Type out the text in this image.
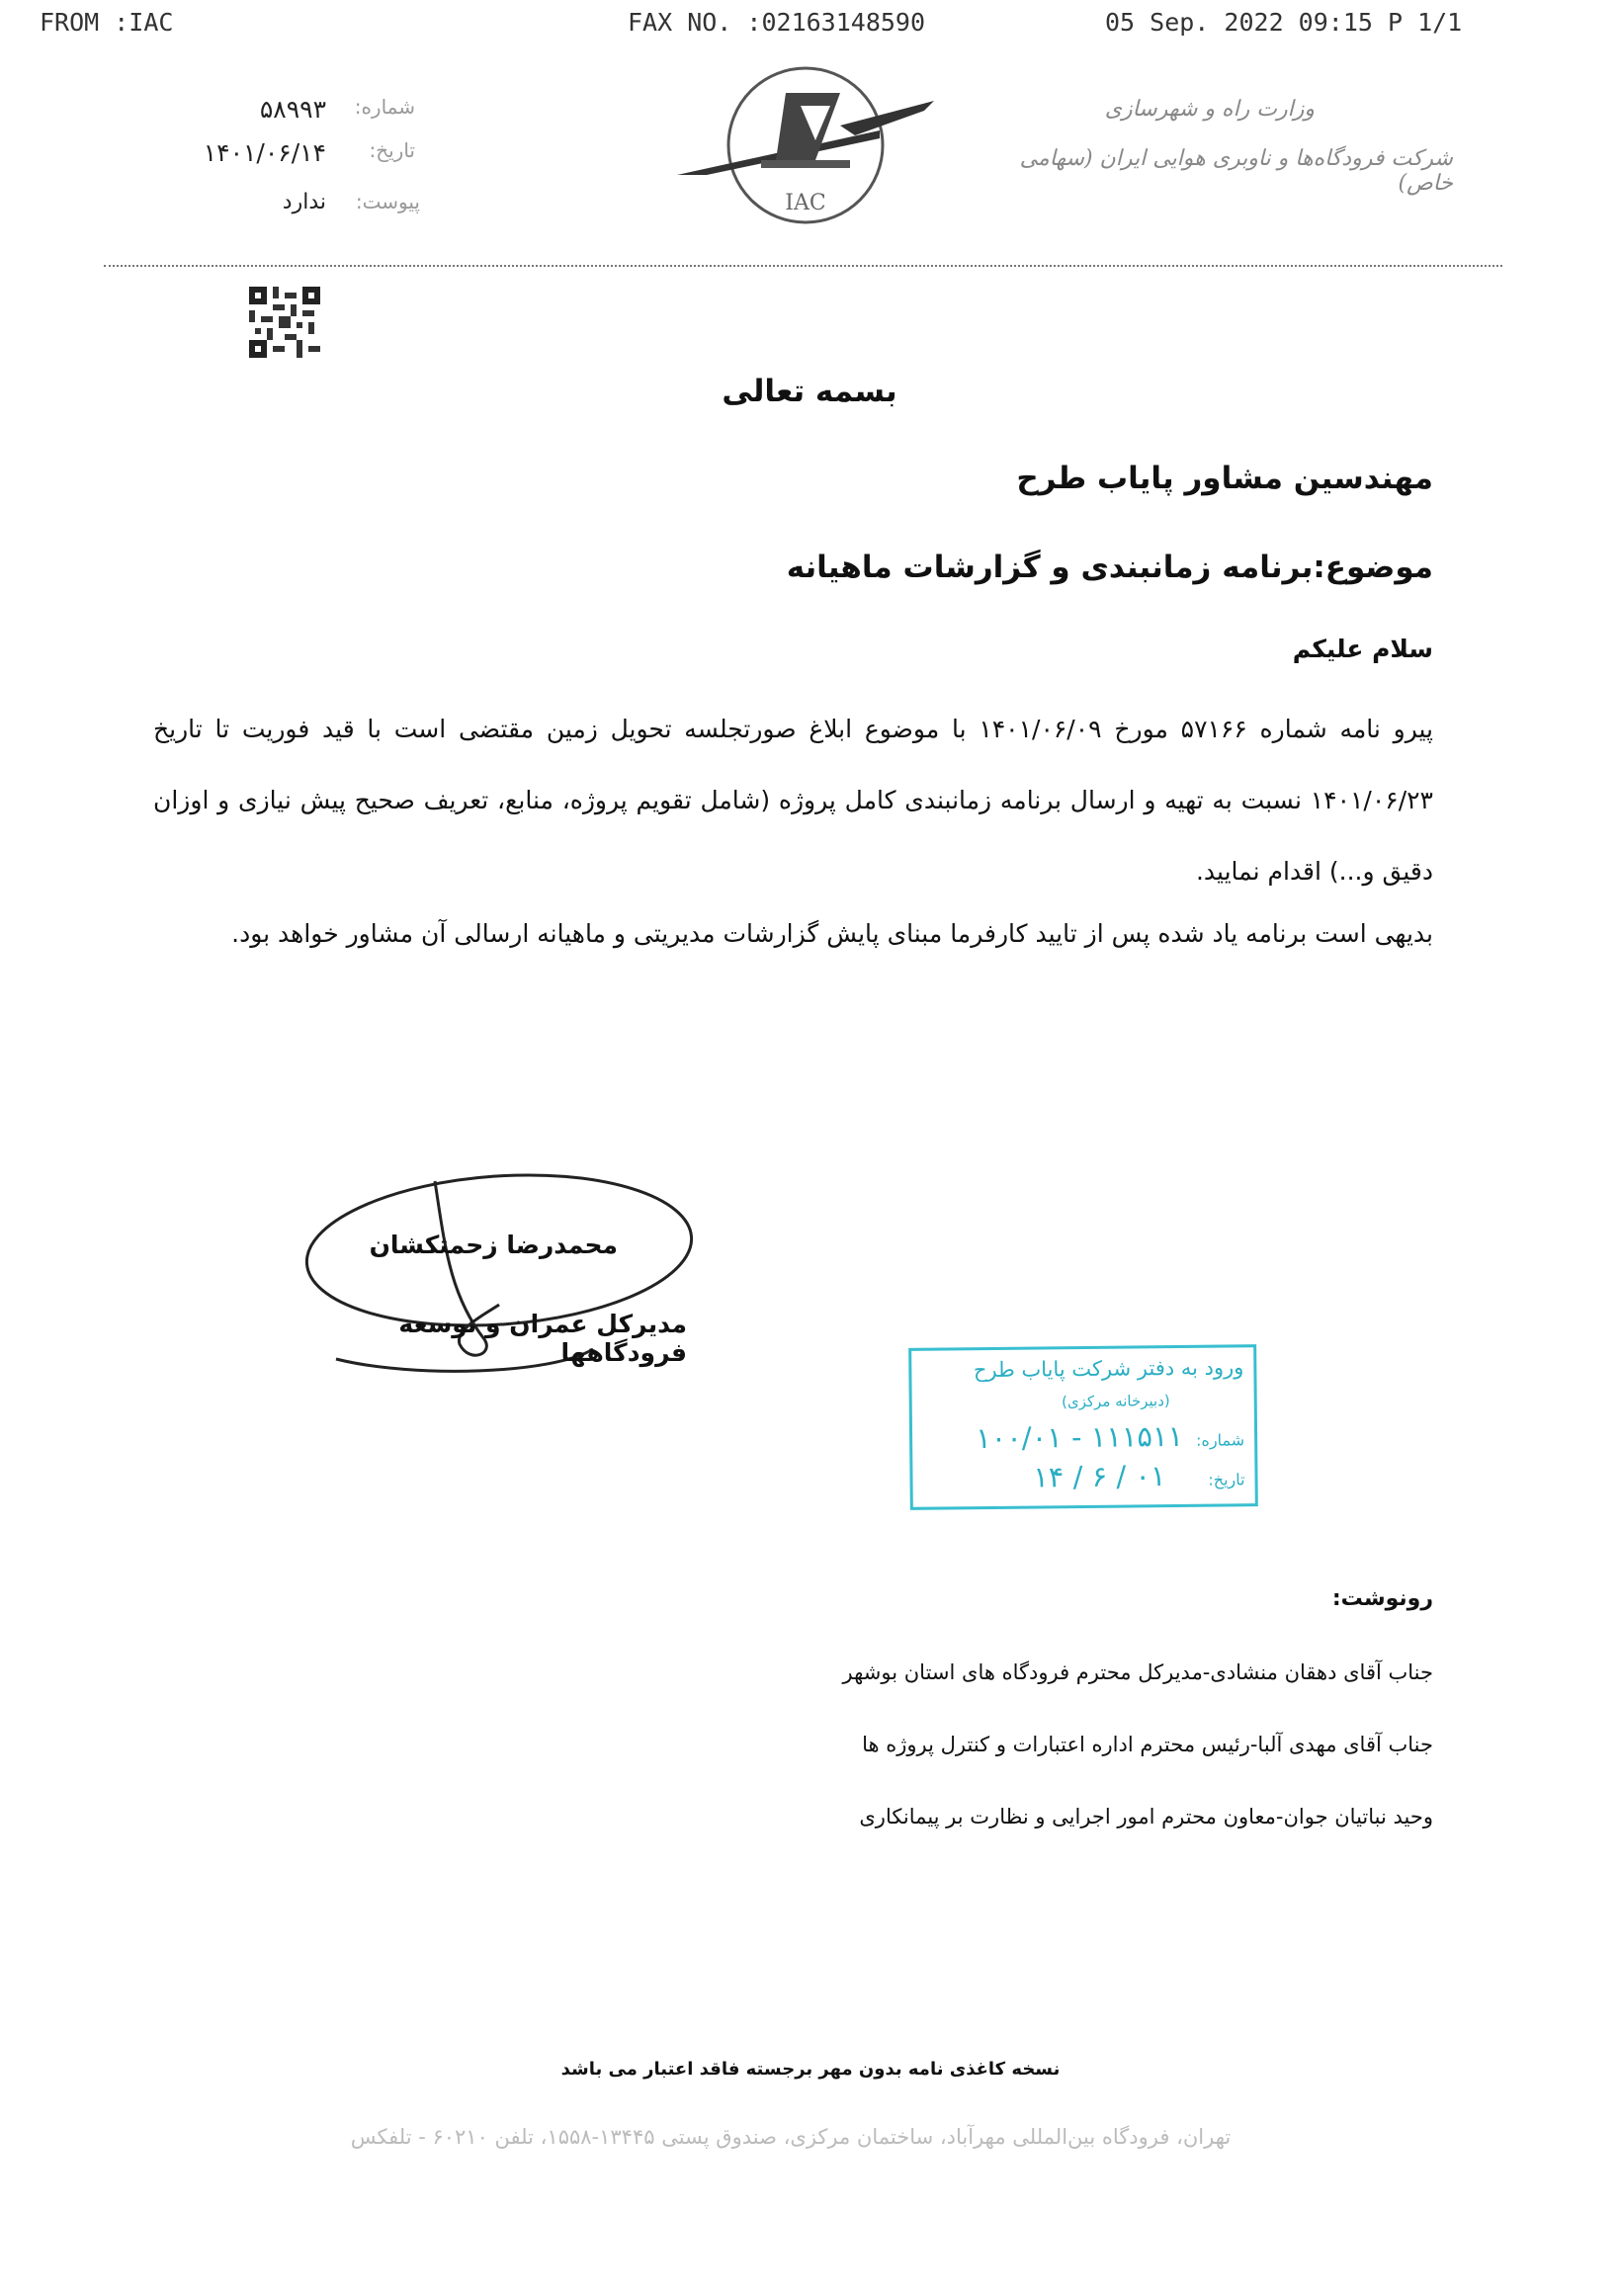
FROM :IAC	FAX NO. :02163148590	05 Sep. 2022 09:15 P 1/1
شماره:
۵۸۹۹۳
تاریخ:
۱۴۰۱/۰۶/۱۴
پیوست:
ندارد	IAC
وزارت راه و شهرسازی
شرکت فرودگاه‌ها و ناوبری هوایی ایران (سهامی خاص)
بسمه تعالی
مهندسین مشاور پایاب طرح
موضوع:برنامه زمانبندی و گزارشات ماهیانه
سلام علیکم
پیرو نامه شماره ۵۷۱۶۶ مورخ ۱۴۰۱/۰۶/۰۹ با موضوع ابلاغ صورتجلسه تحویل زمین مقتضی است با قید فوریت تا تاریخ ۱۴۰۱/۰۶/۲۳ نسبت به تهیه و ارسال برنامه زمانبندی کامل پروژه (شامل تقویم پروژه، منابع، تعریف صحیح پیش نیازی و اوزان دقیق و...) اقدام نمایید.
بدیهی است برنامه یاد شده پس از تایید کارفرما مبنای پایش گزارشات مدیریتی و ماهیانه ارسالی آن مشاور خواهد بود.
محمدرضا زحمتکشان
مدیرکل عمران و توسعه فرودگاهها
ورود به دفتر شرکت پایاب طرح
(دبیرخانه مرکزی)
شماره:
۱۰۰/۰۱ - ۱۱۱۵۱۱
تاریخ:
۱۴ / ۶ / ۰۱
رونوشت:
جناب آقای دهقان منشادی-مدیرکل محترم فرودگاه های استان بوشهر
جناب آقای مهدی آلبا-رئیس محترم اداره اعتبارات و کنترل پروژه ها
وحید نباتیان جوان-معاون محترم امور اجرایی و نظارت بر پیمانکاری
نسخه کاغذی نامه بدون مهر برجسته فاقد اعتبار می باشد
تهران، فرودگاه بین‌المللی مهرآباد، ساختمان مرکزی، صندوق پستی ۱۳۴۴۵-۱۵۵۸، تلفن ۶۰۲۱۰ - تلفکس
